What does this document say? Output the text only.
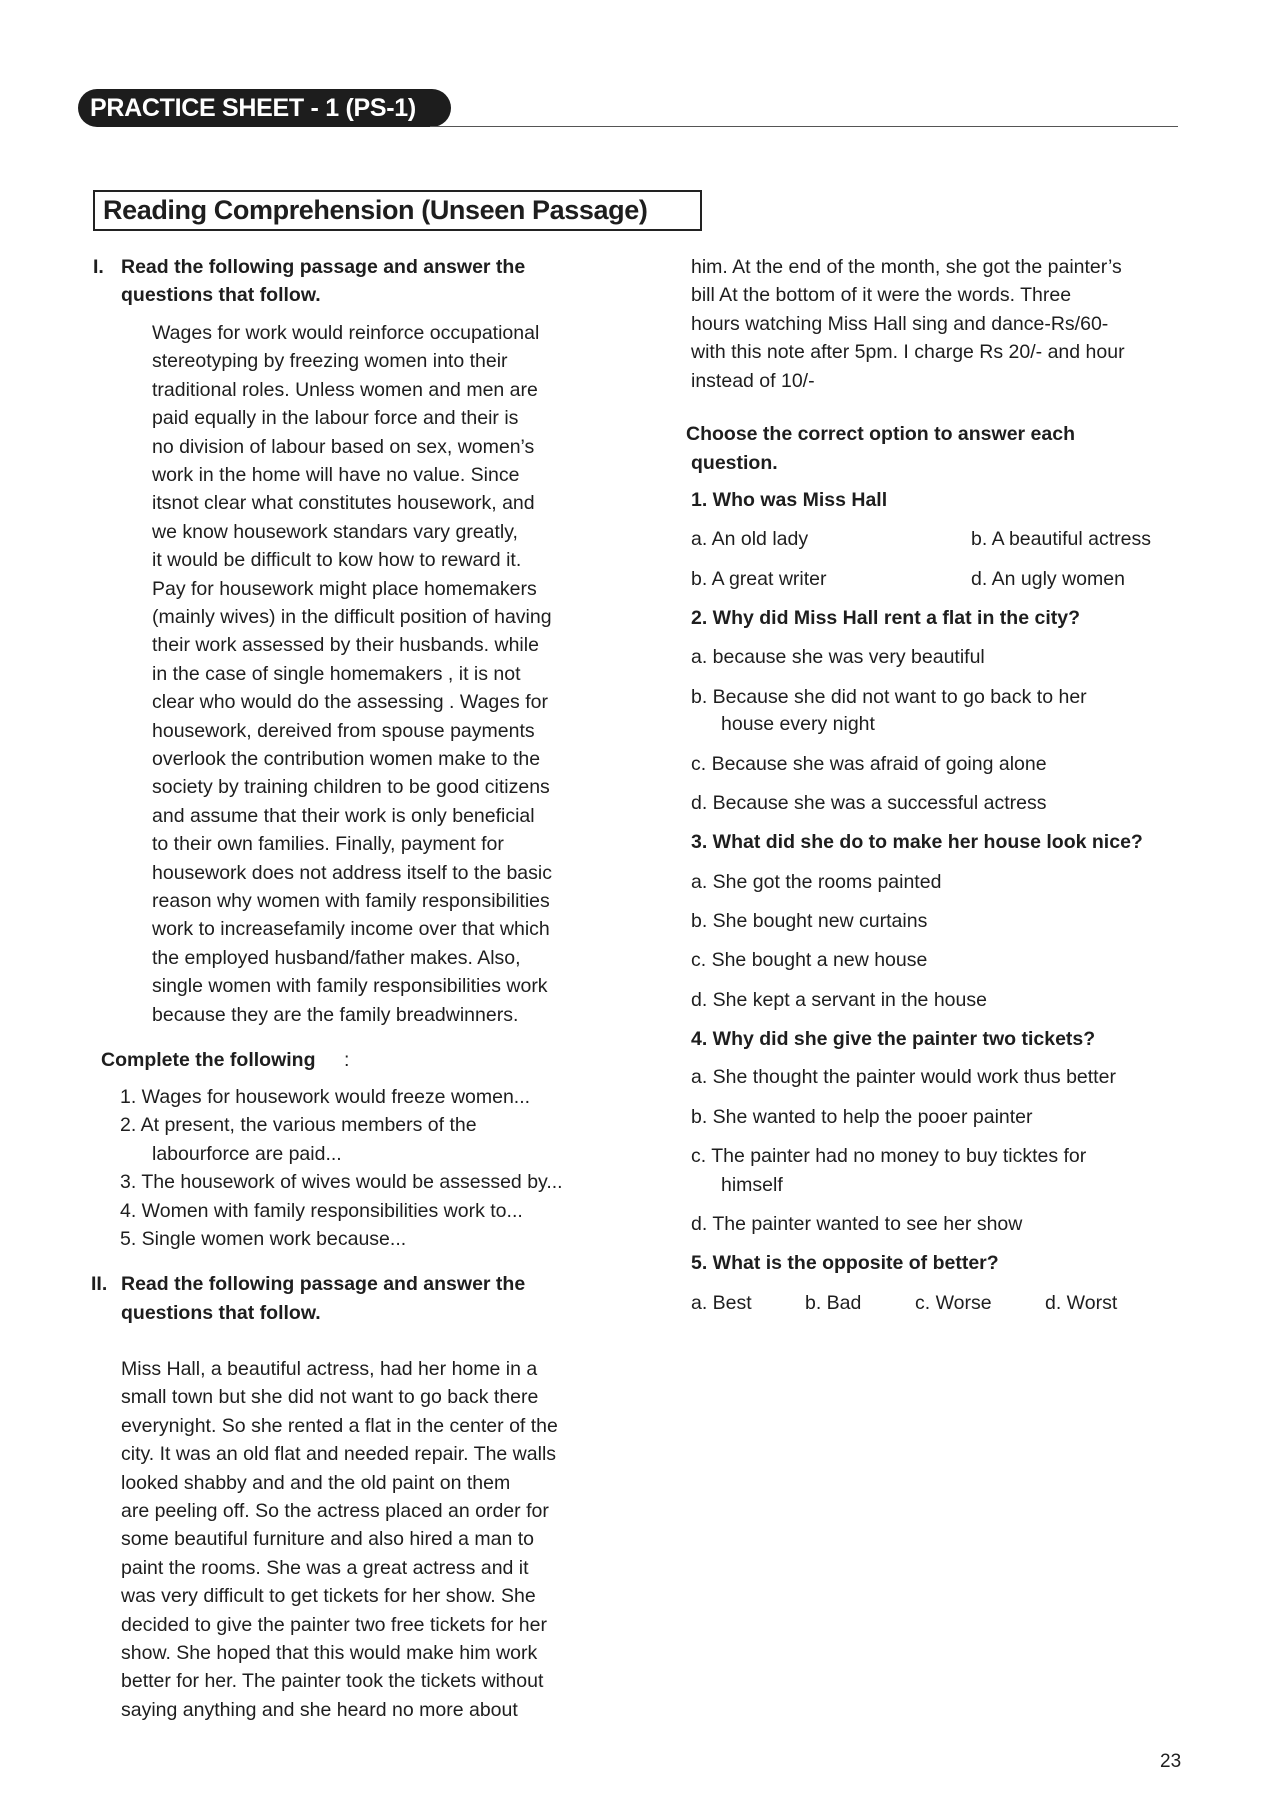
PRACTICE SHEET - 1 (PS-1)
Reading Comprehension (Unseen Passage)
I. Read the following passage and answer the
questions that follow.
Wages for work would reinforce occupational
stereotyping by freezing women into their
traditional roles. Unless women and men are
paid equally in the labour force and their is
no division of labour based on sex, women’s
work in the home will have no value. Since
itsnot clear what constitutes housework, and
we know housework standars vary greatly,
it would be difficult to kow how to reward it.
Pay for housework might place homemakers
(mainly wives) in the difficult position of having
their work assessed by their husbands. while
in the case of single homemakers , it is not
clear who would do the assessing . Wages for
housework, dereived from spouse payments
overlook the contribution women make to the
society by training children to be good citizens
and assume that their work is only beneficial
to their own families. Finally, payment for
housework does not address itself to the basic
reason why women with family responsibilities
work to increasefamily income over that which
the employed husband/father makes. Also,
single women with family responsibilities work
because they are the family breadwinners.
Complete the following :
1. Wages for housework would freeze women...
2. At present, the various members of the
labourforce are paid...
3. The housework of wives would be assessed by...
4. Women with family responsibilities work to...
5. Single women work because...
II. Read the following passage and answer the
questions that follow.
Miss Hall, a beautiful actress, had her home in a
small town but she did not want to go back there
everynight. So she rented a flat in the center of the
city. It was an old flat and needed repair. The walls
looked shabby and and the old paint on them
are peeling off. So the actress placed an order for
some beautiful furniture and also hired a man to
paint the rooms. She was a great actress and it
was very difficult to get tickets for her show. She
decided to give the painter two free tickets for her
show. She hoped that this would make him work
better for her. The painter took the tickets without
saying anything and she heard no more about
him. At the end of the month, she got the painter’s
bill At the bottom of it were the words. Three
hours watching Miss Hall sing and dance-Rs/60-
with this note after 5pm. I charge Rs 20/- and hour
instead of 10/-
Choose the correct option to answer each
question.
1. Who was Miss Hall
a. An old lady	b. A beautiful actress
b. A great writer	d. An ugly women
2. Why did Miss Hall rent a flat in the city?
a. because she was very beautiful
b. Because she did not want to go back to her
house every night
c. Because she was afraid of going alone
d. Because she was a successful actress
3. What did she do to make her house look nice?
a. She got the rooms painted
b. She bought new curtains
c. She bought a new house
d. She kept a servant in the house
4. Why did she give the painter two tickets?
a. She thought the painter would work thus better
b. She wanted to help the pooer painter
c. The painter had no money to buy ticktes for
himself
d. The painter wanted to see her show
5. What is the opposite of better?
a. Best	b. Bad	c. Worse	d. Worst
23
